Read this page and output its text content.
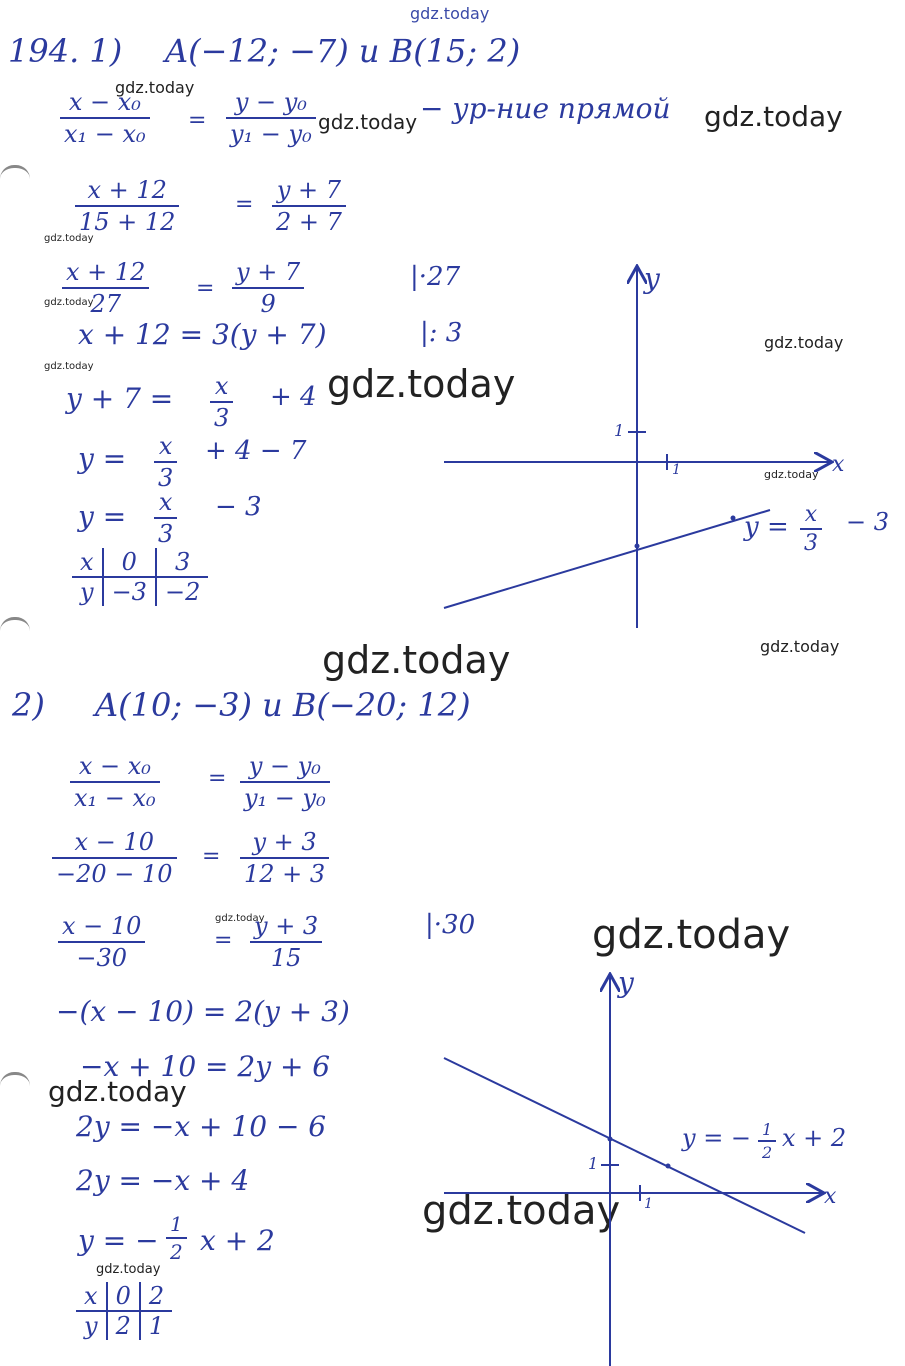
gdz.today
gdz.today
gdz.today	gdz.today
gdz.today
gdz.today
gdz.today
gdz.today
gdz.today
gdz.today
gdz.today	gdz.today
gdz.today	gdz.today
gdz.today
gdz.today
gdz.today
194. 1) A(−12; −7) и B(15; 2)
$\frac{\text{x − x₀}}{\text{x₁ − x₀}} = \frac{\text{y − y₀}}{\text{y₁ − y₀}}$	− ур-ние прямой
$\frac{x + 12}{15 + 12}$	= $\frac{y + 7}{2 + 7}$
$\frac{x + 12}{27} = \frac{y + 7}{9}$	|·27
x + 12 = 3(y + 7)	|: 3
$y + 7 = \frac{x}{3} + 4$
$y = \frac{x}{3} + 4 - 7$
$y = \frac{x}{3} - 3$
x	0	3
y	−3	−2
y
x
1
1
$y = \frac{x}{3} - 3$
2) A(10; −3) и B(−20; 12)
$\frac{\text{x − x₀}}{\text{x₁ − x₀}} = \frac{\text{y − y₀}}{\text{y₁ − y₀}}$
$\frac{x - 10}{-20 - 10} = \frac{y + 3}{12 + 3}$
$\frac{x - 10}{-30}$	= $\frac{y + 3}{15}$	|·30
−(x − 10) = 2(y + 3)
−x + 10 = 2y + 6
2y = −x + 10 − 6
2y = −x + 4
y = − $\frac{1}{2}$ x + 2
x	0	2
y	2	1
y
x
1
1
y = − $\frac{1}{2}$ x + 2
